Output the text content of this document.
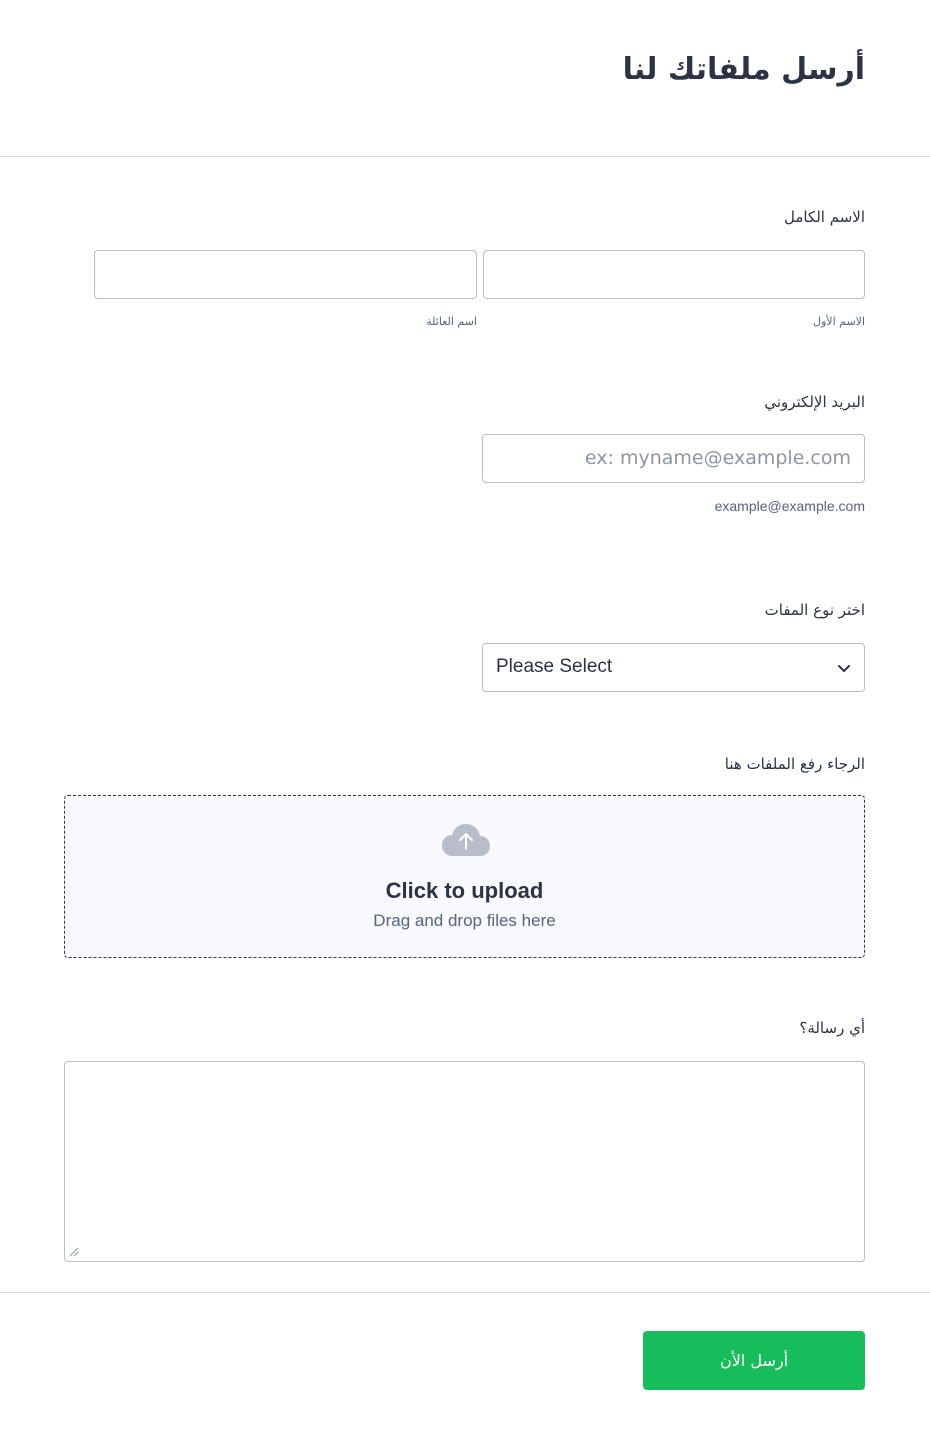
أرسل ملفاتك لنا
الاسم الكامل
الاسم الأول
اسم العائلة
البريد الإلكتروني
ex: myname@example.com
example@example.com
اختر نوع المفات
Please Select
الرجاء رفع الملفات هنا
Click to upload
Drag and drop files here
أي رسالة؟
أرسل الأن
